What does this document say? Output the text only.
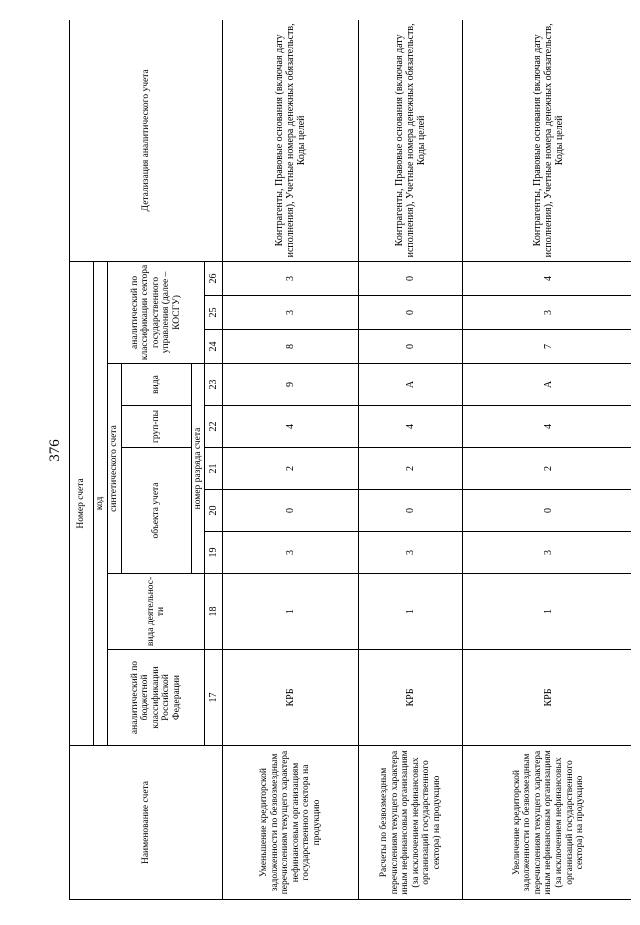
376
Наименование счета	Номер счета										Детализация аналитического учета
	код										
	аналитический по бюджетной классификации Российской Федерации	вида деятельнос-ти	синтетического счета					аналитический по классификации сектора государственного управления (далее – КОСГУ)			
			объекта учета			груп-пы	вида				
			номер разряда счета								
	17	18	19	20	21	22	23	24	25	26	
Уменьшение кредиторской задолженности по безвозмездным перечислениям текущего характера нефинансовым организациям государственного сектора на продукцию	КРБ	1	3	0	2	4	9	8	3	3	Контрагенты, Правовые основания (включая дату исполнения), Учетные номера денежных обязательств, Коды целей
Расчеты по безвозмездным перечислениям текущего характера иным нефинансовым организациям (за исключением нефинансовых организаций государственного сектора) на продукцию	КРБ	1	3	0	2	4	А	0	0	0	Контрагенты, Правовые основания (включая дату исполнения), Учетные номера денежных обязательств, Коды целей
Увеличение кредиторской задолженности по безвозмездным перечислениям текущего характера иным нефинансовым организациям (за исключением нефинансовых организаций государственного сектора) на продукцию	КРБ	1	3	0	2	4	А	7	3	4	Контрагенты, Правовые основания (включая дату исполнения), Учетные номера денежных обязательств, Коды целей
